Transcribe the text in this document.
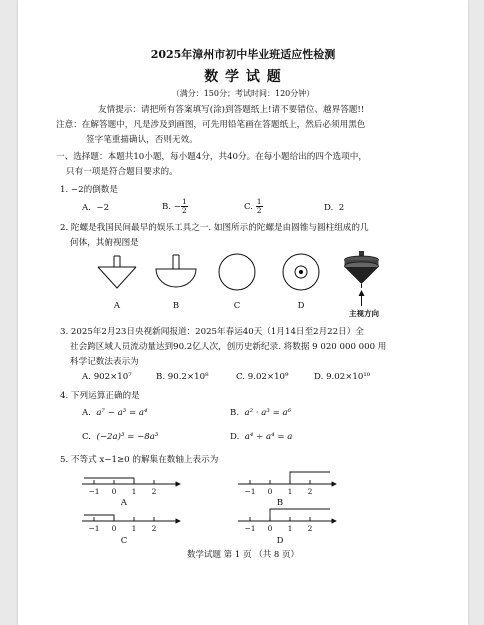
2025年漳州市初中毕业班适应性检测
数 学 试 题
（满分：150分；考试时间：120分钟）
友情提示：请把所有答案填写(涂)到答题纸上!请不要错位、越界答题!!
注意：在解答题中，凡是涉及到画图，可先用铅笔画在答题纸上，然后必须用黑色
签字笔重描确认，否则无效。
一、选择题：本题共10小题，每小题4分，共40分。在每小题给出的四个选项中，
只有一项是符合题目要求的。
1. −2的倒数是
A. −2	B. − $\frac{1}{2}$	C. $\frac{1}{2}$	D. 2
2. 陀螺是我国民间最早的娱乐工具之一. 如图所示的陀螺是由圆锥与圆柱组成的几
何体，其俯视图是
A	B	C	D
主视方向
3. 2025年2月23日央视新闻报道：2025年春运40天（1月14日至2月22日）全
社会跨区域人员流动量达到90.2亿人次，创历史新纪录. 将数据 9 020 000 000 用
科学记数法表示为
A. 902×10⁷	B. 90.2×10⁸	C. 9.02×10⁹	D. 9.02×10¹⁰
4. 下列运算正确的是
A. a⁷ − a³ = a⁴	B. a² · a³ = a⁶
C. (−2a)³ = −8a³	D. a⁴ ÷ a⁴ = a
5. 不等式 x−1≥0 的解集在数轴上表示为
−1 0 1 2	−1 0 1 2
−1 0 1 2	−1 0 1 2
A	B
C	D
数学试题 第 1 页 （共 8 页）
